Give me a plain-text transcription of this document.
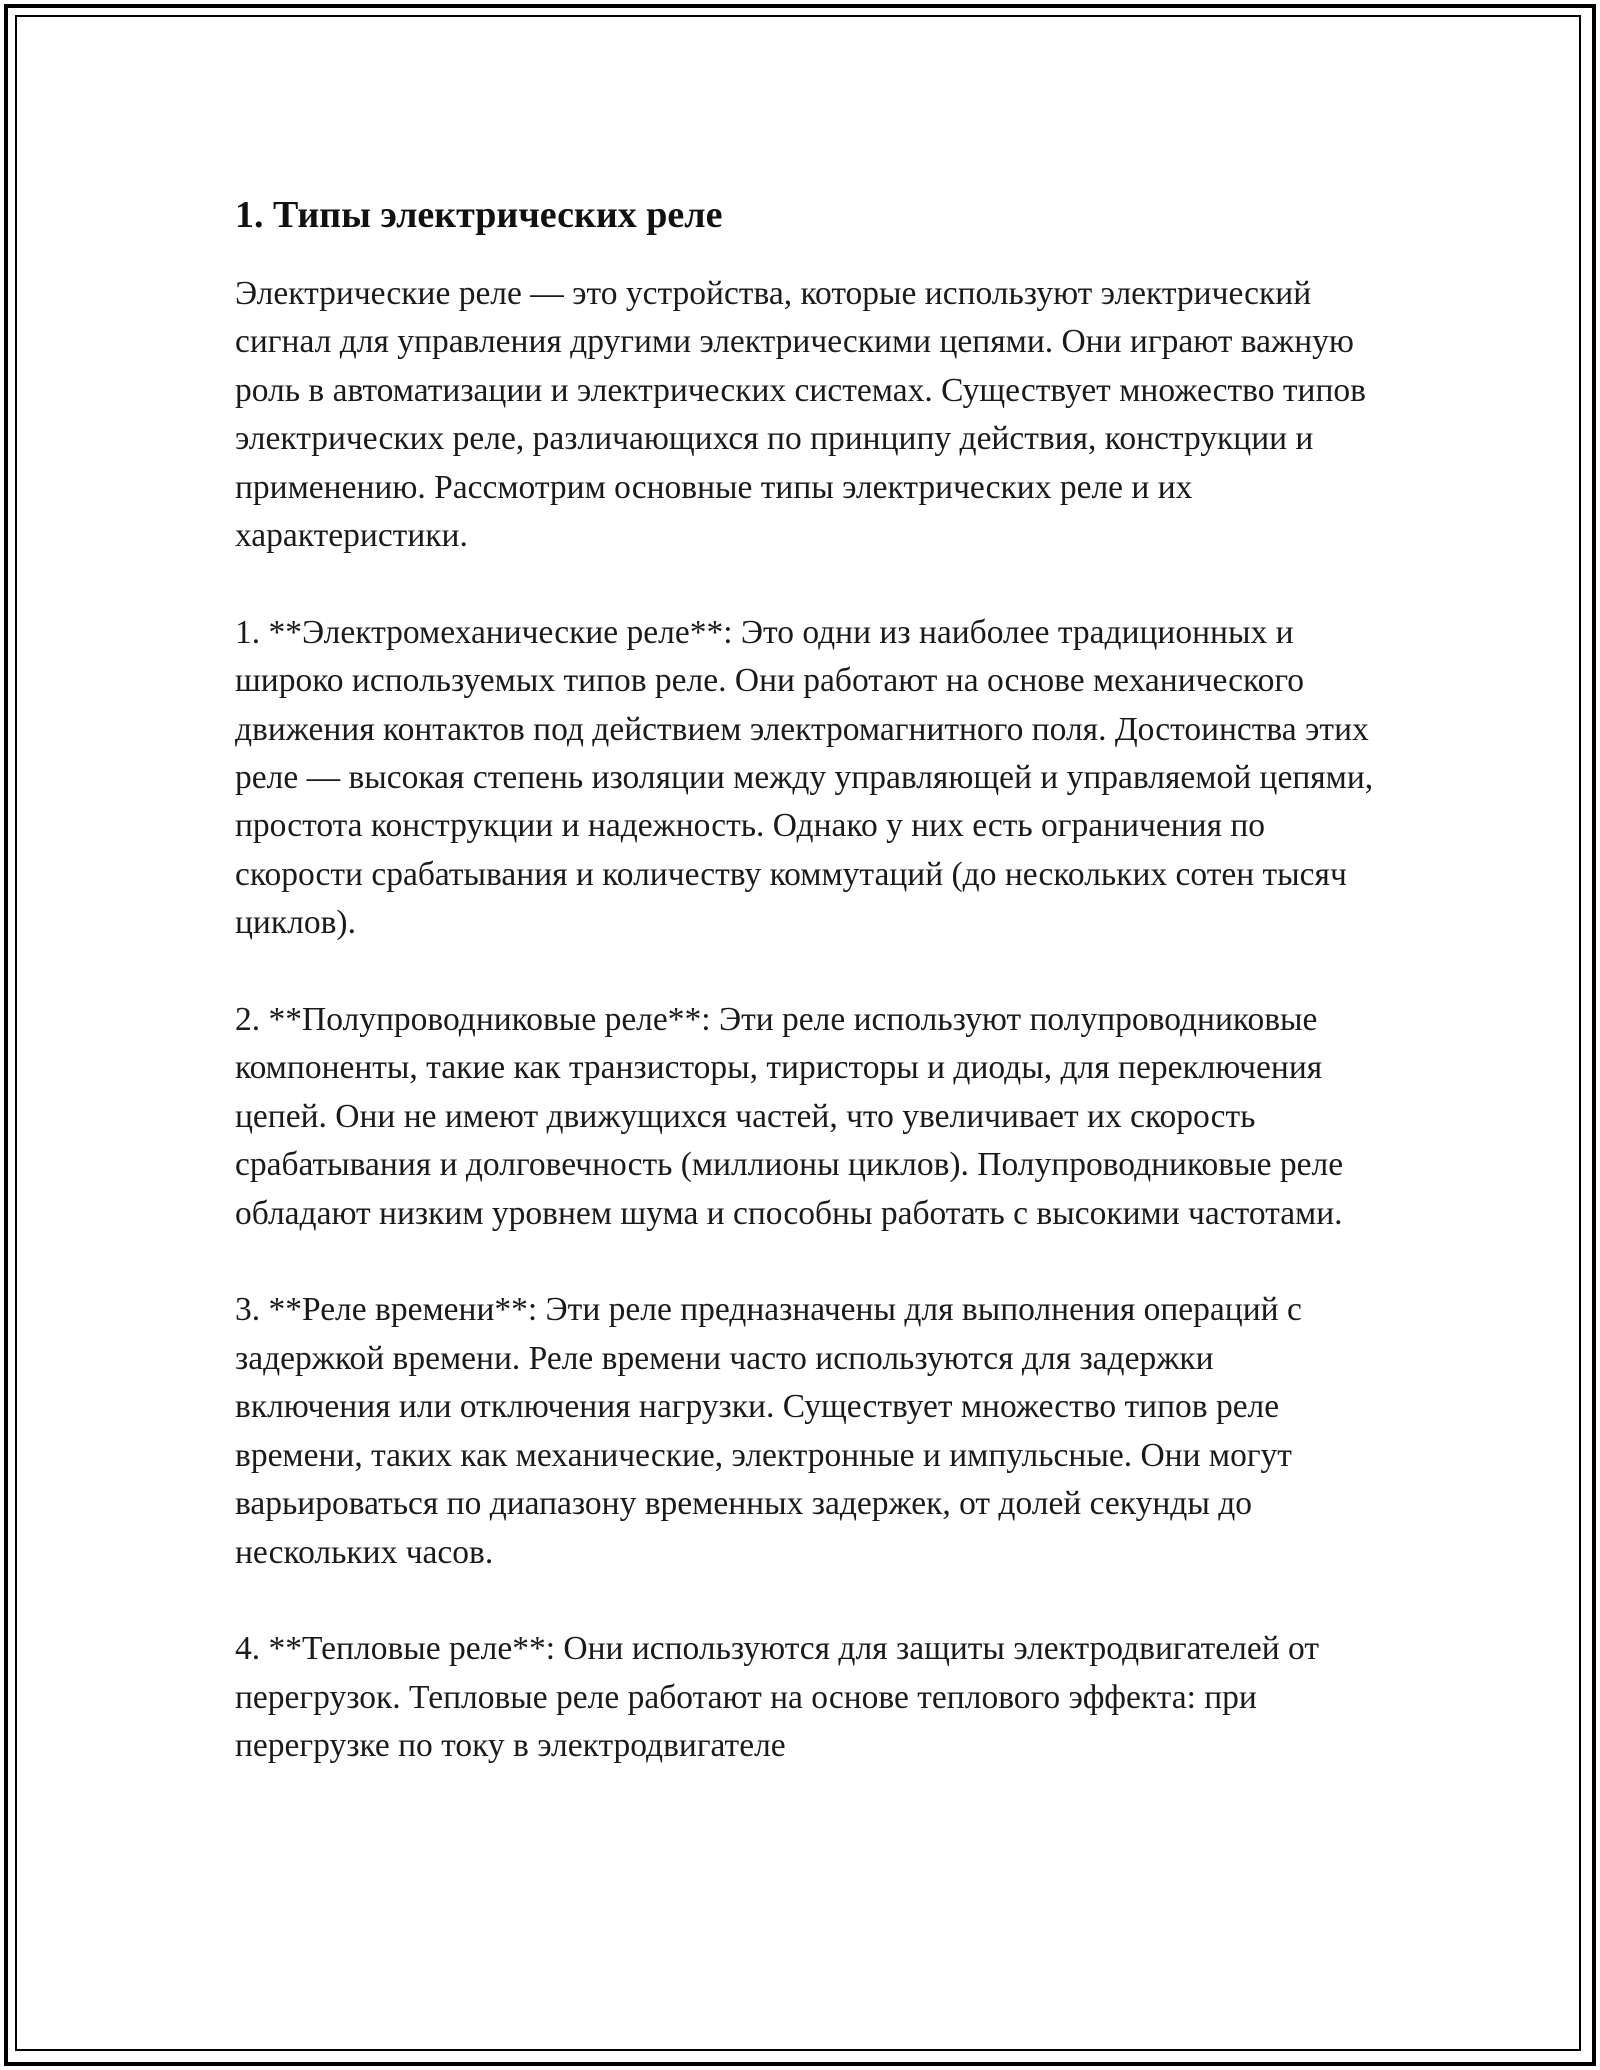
1. Типы электрических реле

Электрические реле — это устройства, которые используют электрический сигнал для управления другими электрическими цепями. Они играют важную роль в автоматизации и электрических системах. Существует множество типов электрических реле, различающихся по принципу действия, конструкции и применению. Рассмотрим основные типы электрических реле и их характеристики.

1. **Электромеханические реле**: Это одни из наиболее традиционных и широко используемых типов реле. Они работают на основе механического движения контактов под действием электромагнитного поля. Достоинства этих реле — высокая степень изоляции между управляющей и управляемой цепями, простота конструкции и надежность. Однако у них есть ограничения по скорости срабатывания и количеству коммутаций (до нескольких сотен тысяч циклов).

2. **Полупроводниковые реле**: Эти реле используют полупроводниковые компоненты, такие как транзисторы, тиристоры и диоды, для переключения цепей. Они не имеют движущихся частей, что увеличивает их скорость срабатывания и долговечность (миллионы циклов). Полупроводниковые реле обладают низким уровнем шума и способны работать с высокими частотами.

3. **Реле времени**: Эти реле предназначены для выполнения операций с задержкой времени. Реле времени часто используются для задержки включения или отключения нагрузки. Существует множество типов реле времени, таких как механические, электронные и импульсные. Они могут варьироваться по диапазону временных задержек, от долей секунды до нескольких часов.

4. **Тепловые реле**: Они используются для защиты электродвигателей от перегрузок. Тепловые реле работают на основе теплового эффекта: при перегрузке по току в электродвигателе
